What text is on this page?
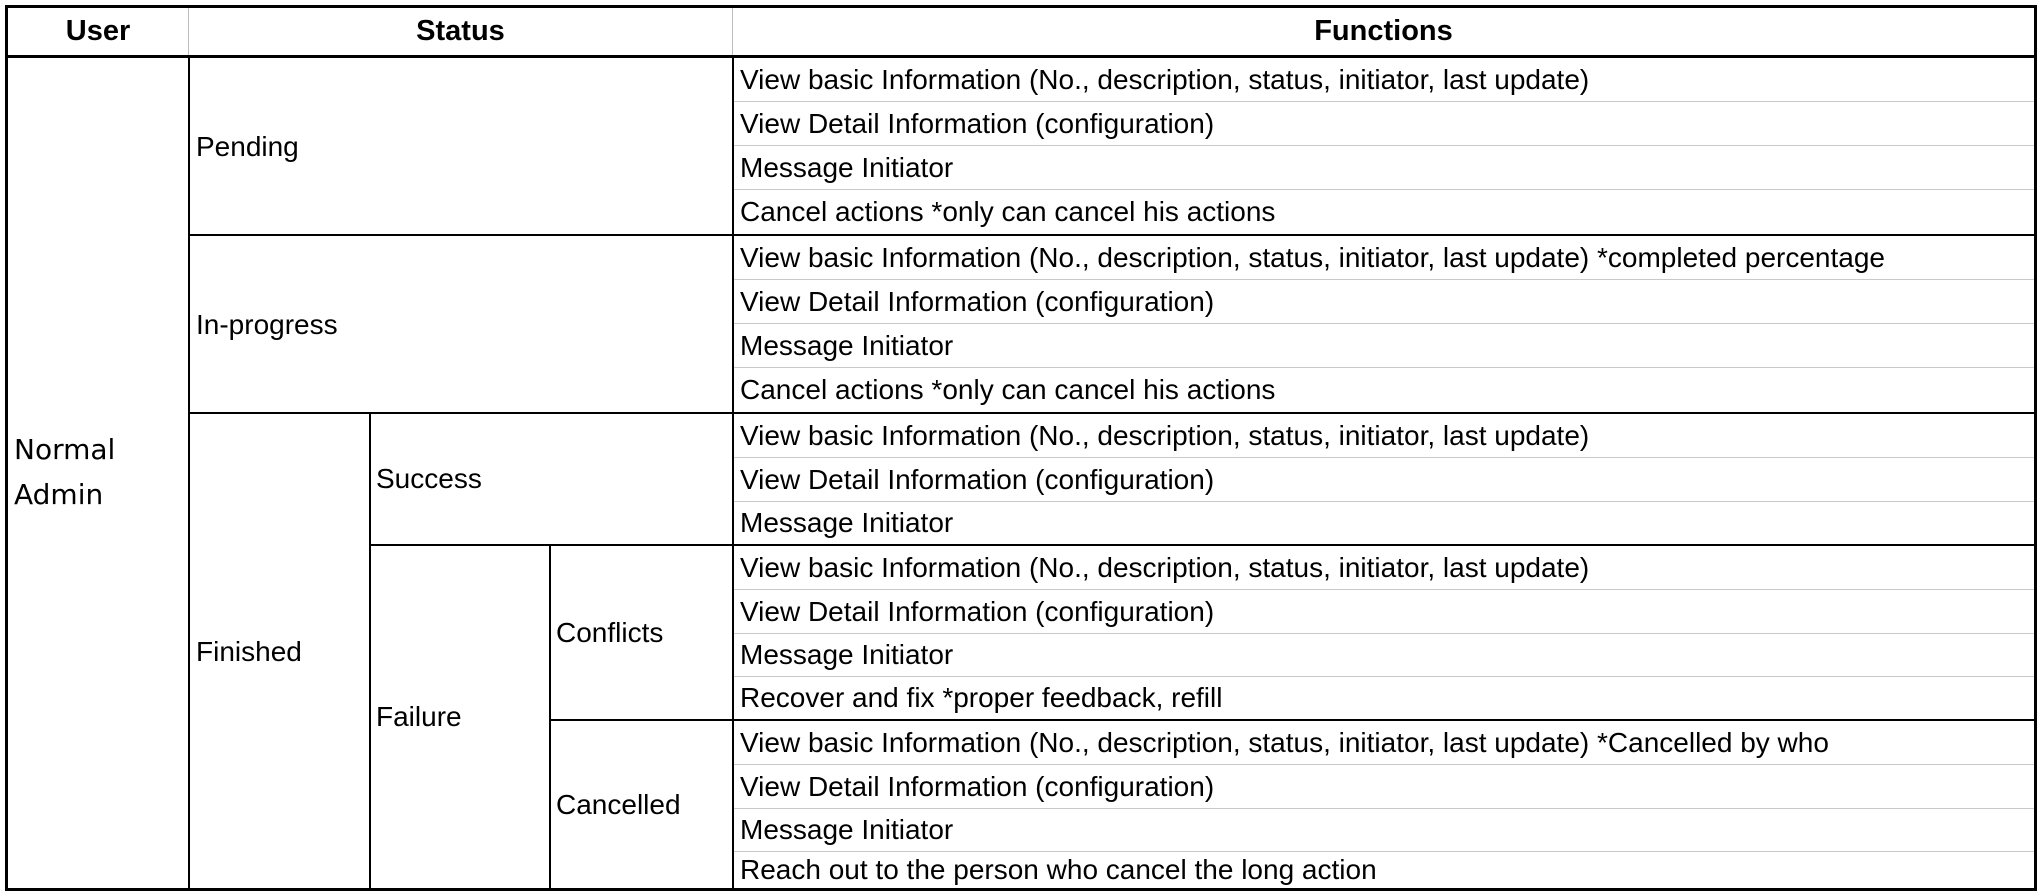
User	Status	Functions
Normal Admin
Pending
In-progress
Finished
Success
Failure
Conflicts
Cancelled
View basic Information (No., description, status, initiator, last update)
View Detail Information (configuration)
Message Initiator
Cancel actions *only can cancel his actions
View basic Information (No., description, status, initiator, last update) *completed percentage
View Detail Information (configuration)
Message Initiator
Cancel actions *only can cancel his actions
View basic Information (No., description, status, initiator, last update)
View Detail Information (configuration)
Message Initiator
View basic Information (No., description, status, initiator, last update)
View Detail Information (configuration)
Message Initiator
Recover and fix *proper feedback, refill
View basic Information (No., description, status, initiator, last update) *Cancelled by who
View Detail Information (configuration)
Message Initiator
Reach out to the person who cancel the long action
